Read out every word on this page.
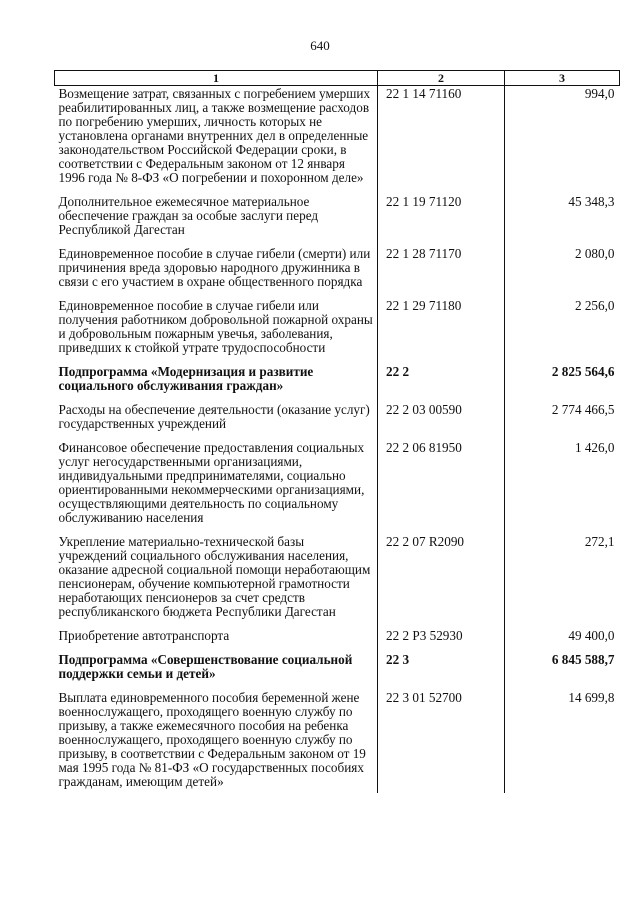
640
1	2	3
Возмещение затрат, связанных с погребением умерших реабилитированных лиц, а также возмещение расходов по погребению умерших, личность которых не установлена органами внутренних дел в определенные законодательством Российской Федерации сроки, в соответствии с Федеральным законом от 12 января 1996 года № 8-ФЗ «О погребении и похоронном деле»	22 1 14 71160	994,0
Дополнительное ежемесячное материальное обеспечение граждан за особые заслуги перед Республикой Дагестан	22 1 19 71120	45 348,3
Единовременное пособие в случае гибели (смерти) или причинения вреда здоровью народного дружинника в связи с его участием в охране общественного порядка	22 1 28 71170	2 080,0
Единовременное пособие в случае гибели или получения работником добровольной пожарной охраны и добровольным пожарным увечья, заболевания, приведших к стойкой утрате трудоспособности	22 1 29 71180	2 256,0
Подпрограмма «Модернизация и развитие социального обслуживания граждан»	22 2	2 825 564,6
Расходы на обеспечение деятельности (оказание услуг) государственных учреждений	22 2 03 00590	2 774 466,5
Финансовое обеспечение предоставления социальных услуг негосударственными организациями, индивидуальными предпринимателями, социально ориентированными некоммерческими организациями, осуществляющими деятельность по социальному обслуживанию населения	22 2 06 81950	1 426,0
Укрепление материально-технической базы учреждений социального обслуживания населения, оказание адресной социальной помощи неработающим пенсионерам, обучение компьютерной грамотности неработающих пенсионеров за счет средств республиканского бюджета Республики Дагестан	22 2 07 R2090	272,1
Приобретение автотранспорта	22 2 P3 52930	49 400,0
Подпрограмма «Совершенствование социальной поддержки семьи и детей»	22 3	6 845 588,7
Выплата единовременного пособия беременной жене военнослужащего, проходящего военную службу по призыву, а также ежемесячного пособия на ребенка военнослужащего, проходящего военную службу по призыву, в соответствии с Федеральным законом от 19 мая 1995 года № 81-ФЗ «О государственных пособиях гражданам, имеющим детей»	22 3 01 52700	14 699,8
